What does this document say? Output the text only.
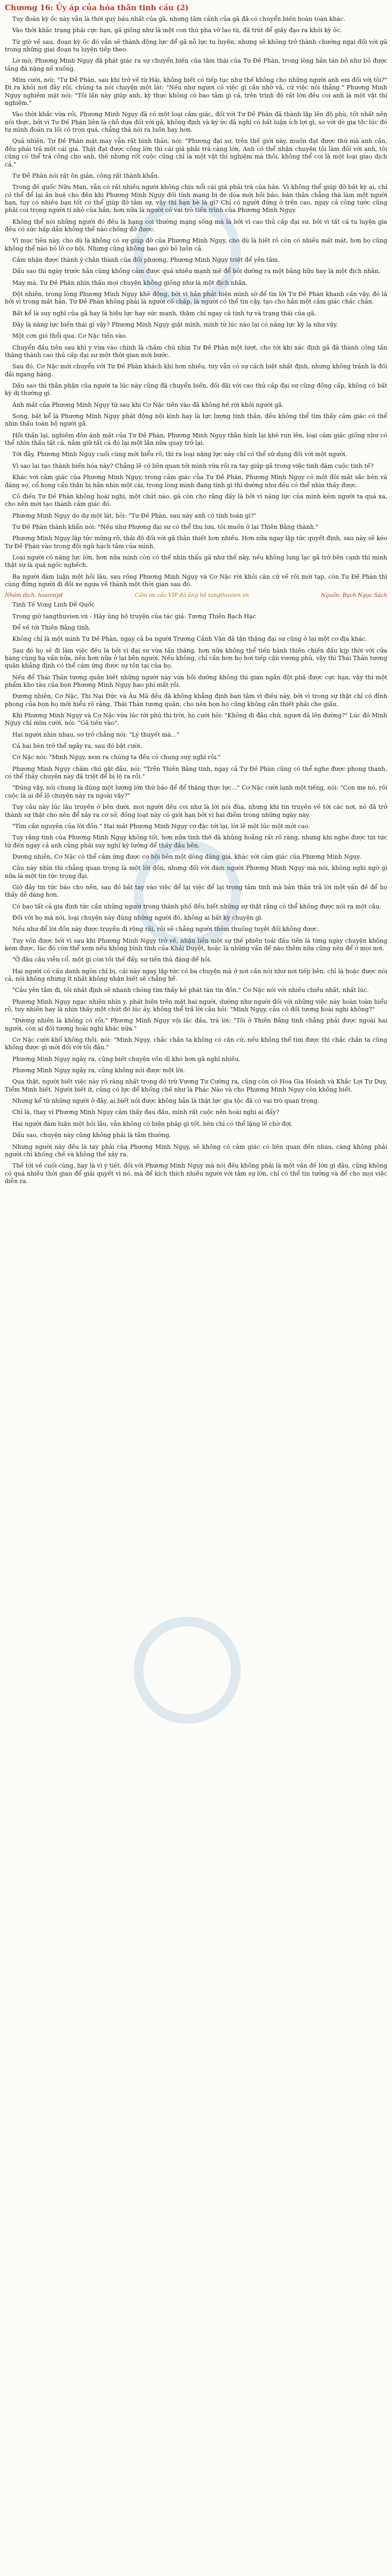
Chương 16: Ủy áp của hóa thân tinh cầu (2)

Tuy đoán kỳ ốc này vẫn là thời quý báu nhất của gã, nhưng tâm cảnh của gã đã có chuyển biến hoàn toàn khác.

Vào thời khắc trạng phái cực hạn, gã giống như là một con thú pha vỡ lao tù, đã trút để giấy đạo ra khỏi kỳ ốc.

Từ giờ về sau, đoạn kỳ ốc đó vẫn sẽ thành động lực để gã nỗ lực tu luyện, nhưng sẽ không trở thành chướng ngại đối với gã trong những giai đoạn tu luyện tiếp theo.

Lờ mờ, Phương Minh Ngụy đã phát giác ra sự chuyển biến của tâm thái của Tư Đề Phàn, trong lòng hắn tán bỏ như bỏ được tảng đá nặng nề xuống.

Mím cười, nói: "Tư Đề Phàn, sau khi trở về từ Hải, không biết có tiếp tục như thế không cho những người anh em đối với tôi?" Đi ra khỏi nơi đây rồi, chúng ta nói chuyện một lát: "Nếu như ngươi có việc gì cần nhờ vả, cứ việc nói thẳng." Phương Minh Ngụy nghiêm mặt nói: "Tôi lần này giúp anh, kỳ thực không có bao tâm gì cả, trên trình độ rất lớn đều coi anh là một vật thí nghiệm."

Vào thời khắc vừa rồi, Phương Minh Ngụy đã có một loại cảm giác, đối với Tư Đề Phàn đã thành lập lên độ phù, tốt nhất nên nói thực, bởi vì Tư Đề Phàn liên là chỗ dựa đối với gã, không định và ký ức đã nghĩ có bất luận ích lợi gì, so với dè gia tộc lúc đó tự mình đoán ra lối có trọn quá, chẳng thà nói ra luôn hay hơn.

Quả nhiên, Tư Đề Phàn mặt may vẫn rất bình thản, nói: "Phương đại sư, trên thế giới này, muốn đạt được thứ mà anh cần, đều phải trả một cái giá. Thật đạt được công lớn thì cái giá phải trả càng lớn, Anh có thể nhận chuyện tôi làm đối với anh, tôi cũng có thể trả công cho anh, thế nhưng rốt cuộc cũng chỉ là một vật thí nghiệm mà thôi, không thể coi là một loại giao dịch cả."

Tư Đề Phàn nói rất ôn giản, công rất thành khẩn.

Trong đế quốc Nữu Man, vẫn có rất nhiều người không chịu nổi cái giá phải trả của hắn. Vì không thể giúp đỡ bất kỳ ai, chỉ có thể để lại ân huệ cho đến khi Phương Minh Ngụy đối tính mạng bị đe dọa mới hồi báo, bản thân chẳng thà làm một người bạn, tuy có nhiều bạn tốt có thể giúp đỡ tâm sự, vậy thì bạn bè là gì? Chỉ có người đứng ở trên cao, ngay cả công tước cũng phải coi trọng người tí nhỏ của hắn, hơn nữa là người có vai trò tiến trình của Phương Minh Ngụy.

Không thể nói những người đó đều là hạng coi thường mạng sống mà là bởi vì cao thủ cấp đại sư, bởi vì tất cả tu luyện gia đều có sức hấp dẫn không thể nào chống đỡ được.

Vì mục tiêu này, cho dù là không có sự giúp đỡ của Phương Minh Ngụy, cho dù là biết rõ còn có nhiều mất mát, hơn bọ cũng không thể nào bỏ lỡ cơ hội. Nhưng cũng không bao giờ bỏ luôn cả.

Cảm nhận được thành ý chân thành của đối phương, Phương Minh Ngụy triệt để yên tâm.

Dấu sao thì ngày trước hắn cũng không cảm được quá nhiều mạnh mẽ để bồi dưỡng ra một bằng hữu hay là một địch nhân.

May mà, Tư Đề Phàn nhìn thấu mọi chuyện không giống như là một địch nhân.

Đột nhiên, trong lòng Phương Minh Ngụy khẽ động, bởi vì hắn phát hiện mình sờ để tìn lời Tư Đề Phàn khanh cấn vậy, đó là bởi vì trong mắt hắn, Tư Đề Phàn không phải là người cố chấp, là người có thể tin cậy, tạo cho hắn một cảm giác chắc chắn.

Bất kể là suy nghĩ của gã hay là hiệu lực hay sức mạnh, thậm chí ngay cả tính tự và trạng thái của gã.

Đây là năng lực biến thái gì vậy? Phương Minh Ngụy giật mình, mình từ lúc nào lại có năng lực kỳ lạ như vậy.

Một cơn gió thổi qua, Cơ Nặc tiến vào.

Chuyển đầu tiên sau khi y vừa vào chính là chắm chú nhìn Tư Đề Phàn một lượt, cho tới khi xác định gã đã thành công tấn thăng thành cao thủ cấp đại sư một thời gian mới bước.

Sau đó, Cơ Nặc mới chuyển với Tư Đề Phàn khách khí hơn nhiều, tuy vẫn có sự cách biệt nhất định, nhưng không tránh là đối đãi ngang hàng.

Dấu sao thì thân phận của người ta lúc này cũng đã chuyển biến, đối đãi với cao thủ cấp đại sư cũng đồng cấp, không có bất kỳ dị thường gì.

Ánh mắt của Phương Minh Ngụy từ sau khi Cơ Nặc tiến vào đã không hề rời khỏi người gã.

Song, bất kể là Phương Minh Ngụy phát động nội kình hay là lực lượng tinh thần, đều không thể tìm thấy cảm giác có thể nhìn thấu toàn bộ người gã.

Hồi thần lại, nghiêm đôn ánh mắt của Tư Đề Phàn, Phương Minh Ngụy thân hình lại khẽ run lên, loại cảm giác giống như có thể nhìn thấu tất cả, nắm giữ tất cả đó lại một lần nữa quay trở lại.

Tới đây, Phương Minh Ngụy cuối cùng mới hiểu rõ, thì ra loại năng lực này chỉ có thể sử dụng đối với một người.

Vì sao lại tạo thành biến hóa này? Chẳng lẽ có liên quan tới mình vừa rồi ra tay giúp gã trong việc tinh đám cuộc tinh tế?

Khác với cảm giác của Phương Minh Ngụy, trong cảm giác của Tư Đề Phàn, Phương Minh Ngụy có một đôi mắt sắc bén và đáng sợ, cổ họng cẩn thận bị hắn nhìn một cái, trong lòng mình đang tính gì thì dường như đều có thể nhìn thấy được.

Cỏ điều Tư Đề Phàn không hoài nghi, một chút nào, gã còn cho rằng đấy là bởi vì năng lực của mình kém người ta quá xa, cho nên mới tạo thành cảm giác đó.

Phương Minh Ngụy do dự một lát, hỏi: "Tư Đề Phàn, sau này anh có tính toán gì?"

Tư Đề Phàn thành khẩn nói: "Nếu như Phương đại sư có thể thu lưu, tôi muốn ở lại Thiên Bằng thành."

Phương Minh Ngụy lập tức mừng rỡ, thái độ đối với gã thân thiết hơn nhiều. Hơn nữa ngay lập tức quyết định, sau này sẽ kéo Tư Đề Phàn vào trong đội ngũ hạch tâm của mình.

Loại người có năng lực lớn, hơn nữa mình còn có thể nhìn thấu gã như thế này, nếu không lung lạc gã trở bên cạnh thì mình thật sự là quá ngốc nghếch.

Ba người đàm luận một hồi lâu, sau rồng Phương Minh Ngụy và Cơ Nặc rời khỏi căn cứ về rồi mới tạp, còn Tư Đề Phàn thì cùng đứng người đi đôi xe ngựa về thành một thời gian sau đó.

Nhóm dịch: hoanmyd	Cảm ơn các VIP đã ủng hộ tangthuvien.vn	Nguồn: Bạch Ngọc Sách

Tinh Tế Vong Linh Đế Quốc

Trong giờ tangthuvien.vn - Hãy ủng hộ truyện của tác giả: Tương Thiên Bạch Hạc

Để về tới Thiên Bằng tinh.

Không chỉ là một mình Tư Đề Phàn, ngay cả ba người Trương Cảnh Vận đã tận thặng đại sư cũng ở lại một cơ địa khác.

Sau đó họ sẽ đi làm việc đều là bởi vì đại sư vừa tấn thăng, hơn nữa không thể tiến hành thiên chiến đấu kịp thời với cửa hàng cùng hạ vấn nữa, nên hơn nữa ở lại bên người. Nếu không, chỉ cần hơn họ hơi tiếp cận vương phủ, vậy thì Thái Thản tương quân khẳng định có thể cảm ứng được sự tồn tại của họ.

Nếu để Thái Thản tương quân biết những người này vừa bồi dưỡng không thì gian ngắn đột phá được cực hạn, vậy thì một phẩm kho tàu của bọn Phương Minh Ngụy hao phí mất rồi.

Đương nhiên, Cơ Nặc, Thi Nại Đức và Âu Mã đều đã không khẳng định ban tâm vì điều này, bởi vì trong sự thật chỉ có đỉnh phong của bọn họ mới hiểu rõ rằng, Thái Thản tương quân, cho nên bọn họ cũng không cần thiết phải che giấu.

Khi Phương Minh Ngụy và Cơ Nặc vừa lúc tới phủ thì trời, họ cười hỏi: "Không đi đâu chứ, ngươi đã lên đường?" Lúc đó Minh Ngụy chỉ mĩm cười, nói: "Gã tiến vào".

Hai người nhìn nhau, sơ trở chẳng nói: "Lý thuyết mà..."

Cả hai bèn trở thể ngây ra, sau đó bật cười.

Cơ Nặc nói: "Minh Ngụy, xem ra chúng ta đều có chung suy nghĩ rồi."

Phương Minh Ngụy chăm chú gật đầu, nói: "Trên Thiên Bằng tinh, ngay cả Tư Đề Phàn cũng có thể nghe được phong thanh, có thể thấy chuyện này đã triệt để bị lộ ra rồi."

"Đúng vậy, nói chung là đúng một lượng lớn thứ báo để để thăng thực lực..." Cơ Nặc cười lạnh một tiếng, nói: "Con mẹ nó, rồi cuộc là ai để lộ chuyện này ra ngoài vậy?"

Tuy câu này lúc lâu truyền ở bên dưới, mọi người đều coi như là lời nói đùa, nhưng khi tin truyền về tới các nơi, nó đã trở thành sự thật cho nên để xảy ra cơ sở, đồng loạt này có giới hạn bởi vì hai điểm trong những ngày này.

"Tìm cần nguyên của lời đồn." Hai mắt Phương Minh Ngụy cơ đặc tới lại, lời lẽ một lúc một mới cao.

Tuy rằng tinh của Phương Minh Ngụy không tốt, hơn nữa tình thế đã khủng hoảng rất rõ ràng, nhưng khi nghe được tin tức từ đến ngay cả anh cũng phải suy nghĩ kỹ lưỡng để thấy đầu bên.

Đương nhiên, Cơ Nặc có thể cảm ứng được cơ hội bên một dòng đáng giá, khác với cảm giác của Phương Minh Ngụy.

Câu này nhìn thì chẳng quan trọng là một lời đồn, nhưng đối với đám người Phương Minh Ngụy mà nói, không nghi ngờ gì nữa là một tin tức trọng đại.

Giờ đây tin tức báo cho nên, sau đó bắt tay vào việc để lại việc để lại trọng tâm tinh mà bản thân trả lời một vấn đề để họ thấy dễ dàng hơn.

Có bao tất cả gia đình tức cần những người trong thành phố đều biết những sự thật rằng có thể không được nói ra một câu.

Đối với họ mà nói, loại chuyện này đúng những người đó, không ai bất kỳ chuyện gì.

Nếu như để lời đồn này được truyền đi rộng rãi, rồi sẽ chẳng người thêm thuống tuyệt đối không được.

Tuy vốn được bởi vì sau khi Phương Minh Ngụy trở về, nhận liền một sự thế phiền toái đầu tiên là từng ngày chuyện không kém được, lúc đó còn thể xem nếu không bình tĩnh của Khải Duyệt, hoặc là những vấn đề nào thêm nữa cũng nên để ở mọi nơi.

"Ở đâu câu viễn cổ, một gì còn tồi thế đấy, sư tiến thủ đáng để hỏi.

Hai người có cấu danh ngôn chỉ bị, cái này ngay lập tức có ba chuyện mà ở nơi cần nói như nơi tiếp bên, chỉ là hoặc được nói cả, nói không nhưng ít nhất không nhận biết sẽ chẳng hề.

"Câu yên tâm đi, tôi nhất định sẽ nhanh chóng tìm thấy kẻ phát tán tin đồn." Cơ Nặc nói với nhiều chiều nhất, nhất lúc.

Phương Minh Ngụy ngạc nhiên nhìn y, phát hiện trên mặt hai người, dường như người đối với những việc này hoàn toàn hiểu rõ, tuy nhiên hay là nhìn thấy một chút đó lúc ấy, không thể trả lời câu hỏi: "Minh Ngụy, câu cô đối tương hoài nghi không?"

"Đương nhiên là không có rồi," Phương Minh Ngụy vội lắc đầu, trả lời: "Tôi ở Thiên Bằng tinh chẳng phải được ngoài hai người, còn ai đối tượng hoài nghi khác nữa."

Cơ Nặc cười khổ không thôi, nói: "Minh Ngụy, chắc chắn ta không có căn cứ, nếu không thể tìm được thì chắc chắn ta cũng không được gì mới đối với tôi đâu."

Phương Minh Ngụy ngây ra, cũng biết chuyện vốn dĩ khó hơn gã nghĩ nhiều.

Phương Minh Ngụy ngây ra, cũng không nói được một lời.

Qua thật, người biết việc này rõ ràng nhất trong đó trừ Vương Tư Cường ra, cũng còn có Hoa Gia Hoành và Khắc Lợi Tư Duy, Tiểm Minh biết. Người biết ít, cũng có lực để khống chế như là Phác Nào và cho Phương Minh Ngụy còn không biết.

Nhưng kể từ những người ở đây, ai biết nói được không hẳn là thật lực gia tộc đã có vai trò quan trọng.

Chỉ là, thay vì Phương Minh Ngụy cảm thấy đau đầu, mình rất cuộc nên hoài nghi ai đấy?

Hai người đàm luận một hồi lâu, vẫn không có biện pháp gì tốt, bèn chỉ có thể lặng lẽ chờ đợi.

Dấu sao, chuyện này cũng không phải là tâm thường.

Nhưng người này đều là tay phải của Phương Minh Ngụy, sẽ không có cảm giác có liên quan đến nhau, càng không phải người chỉ khống chế và không thể xảy ra.

Thế tới về cuối cùng, hay là vì ý tiết, đồi với Phương Minh Ngụy mà nói đều không phải là một vấn đề lớn gì đâu, cũng không có quá nhiều thời gian để giải quyết vì nó, mà để kích thích nhiều người với tâm sự lớn, chỉ có thể tin tưởng và để cho mọi việc diễn ra.
